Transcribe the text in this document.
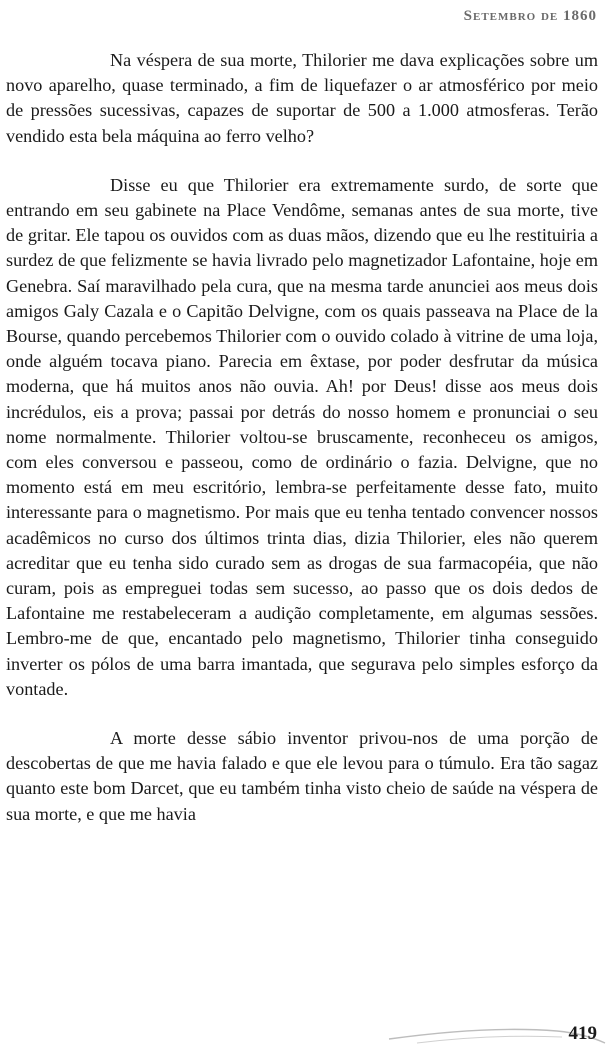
Setembro de 1860

Na véspera de sua morte, Thilorier me dava explicações sobre um novo aparelho, quase terminado, a fim de liquefazer o ar atmosférico por meio de pressões sucessivas, capazes de suportar de 500 a 1.000 atmosferas. Terão vendido esta bela máquina ao ferro velho?

Disse eu que Thilorier era extremamente surdo, de sorte que entrando em seu gabinete na Place Vendôme, semanas antes de sua morte, tive de gritar. Ele tapou os ouvidos com as duas mãos, dizendo que eu lhe restituiria a surdez de que felizmente se havia livrado pelo magnetizador Lafontaine, hoje em Genebra. Saí maravilhado pela cura, que na mesma tarde anunciei aos meus dois amigos Galy Cazala e o Capitão Delvigne, com os quais passeava na Place de la Bourse, quando percebemos Thilorier com o ouvido colado à vitrine de uma loja, onde alguém tocava piano. Parecia em êxtase, por poder desfrutar da música moderna, que há muitos anos não ouvia. Ah! por Deus! disse aos meus dois incrédulos, eis a prova; passai por detrás do nosso homem e pronunciai o seu nome normalmente. Thilorier voltou-se bruscamente, reconheceu os amigos, com eles conversou e passeou, como de ordinário o fazia. Delvigne, que no momento está em meu escritório, lembra-se perfeitamente desse fato, muito interessante para o magnetismo. Por mais que eu tenha tentado convencer nossos acadêmicos no curso dos últimos trinta dias, dizia Thilorier, eles não querem acreditar que eu tenha sido curado sem as drogas de sua farmacopéia, que não curam, pois as empreguei todas sem sucesso, ao passo que os dois dedos de Lafontaine me restabeleceram a audição completamente, em algumas sessões. Lembro-me de que, encantado pelo magnetismo, Thilorier tinha conseguido inverter os pólos de uma barra imantada, que segurava pelo simples esforço da vontade.

A morte desse sábio inventor privou-nos de uma porção de descobertas de que me havia falado e que ele levou para o túmulo. Era tão sagaz quanto este bom Darcet, que eu também tinha visto cheio de saúde na véspera de sua morte, e que me havia

419
